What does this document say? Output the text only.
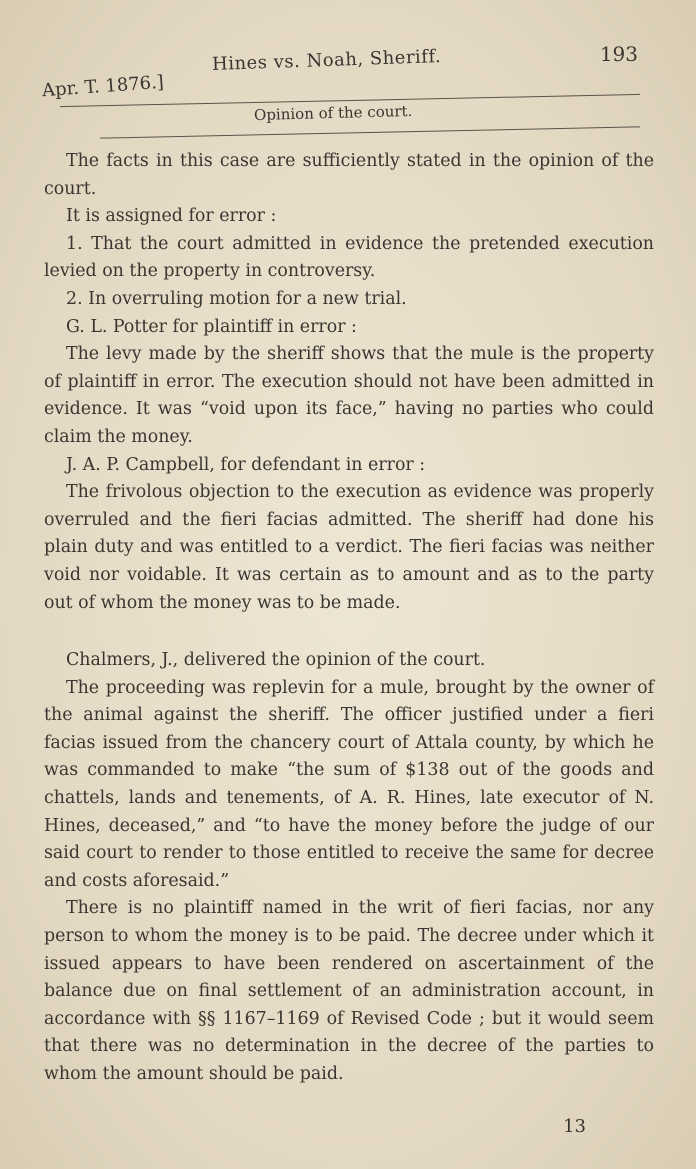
Apr. T. 1876.]
Hines vs. Noah, Sheriff.	193
Opinion of the court.

The facts in this case are sufficiently stated in the opinion of the court.

It is assigned for error :

1. That the court admitted in evidence the pretended execution levied on the property in controversy.

2. In overruling motion for a new trial.

G. L. Potter for plaintiff in error :

The levy made by the sheriff shows that the mule is the property of plaintiff in error. The execution should not have been admitted in evidence. It was “void upon its face,” having no parties who could claim the money.

J. A. P. Campbell, for defendant in error :

The frivolous objection to the execution as evidence was properly overruled and the fieri facias admitted. The sheriff had done his plain duty and was entitled to a verdict. The fieri facias was neither void nor voidable. It was certain as to amount and as to the party out of whom the money was to be made.

Chalmers, J., delivered the opinion of the court.

The proceeding was replevin for a mule, brought by the owner of the animal against the sheriff. The officer justified under a fieri facias issued from the chancery court of Attala county, by which he was commanded to make “the sum of $138 out of the goods and chattels, lands and tenements, of A. R. Hines, late executor of N. Hines, deceased,” and “to have the money before the judge of our said court to render to those entitled to receive the same for decree and costs aforesaid.”

There is no plaintiff named in the writ of fieri facias, nor any person to whom the money is to be paid. The decree under which it issued appears to have been rendered on ascertainment of the balance due on final settlement of an administration account, in accordance with §§ 1167–1169 of Revised Code ; but it would seem that there was no determination in the decree of the parties to whom the amount should be paid.

13
